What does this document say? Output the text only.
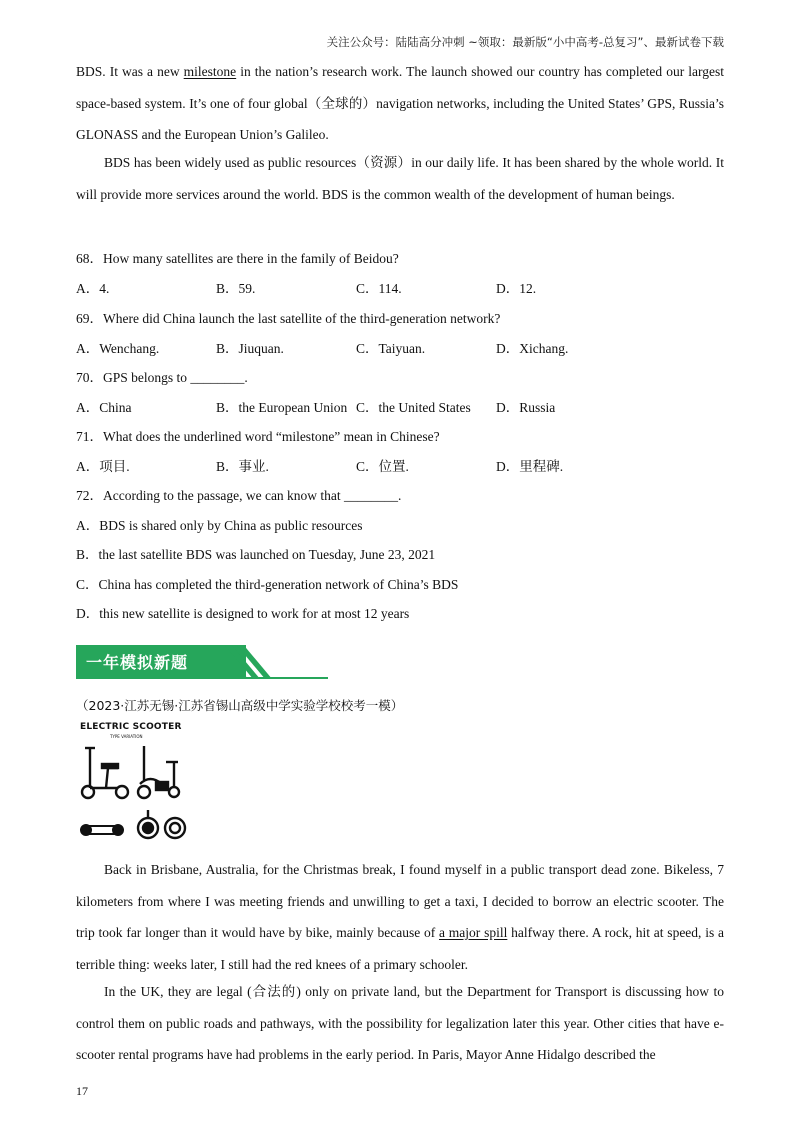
关注公众号：陆陆高分冲刺 ~领取：最新版“小中高考-总复习”、最新试卷下载
BDS. It was a new milestone in the nation’s research work. The launch showed our country has completed our largest space-based system. It’s one of four global（全球的）navigation networks, including the United States’ GPS, Russia’s GLONASS and the European Union’s Galileo.
BDS has been widely used as public resources（资源）in our daily life. It has been shared by the whole world. It will provide more services around the world. BDS is the common wealth of the development of human beings.
68．How many satellites are there in the family of Beidou?
A．4.	B．59.	C．114.	D．12.
69．Where did China launch the last satellite of the third-generation network?
A．Wenchang.	B．Jiuquan.	C．Taiyuan.	D．Xichang.
70．GPS belongs to ________.
A．China	B．the European Union C．the United States D．Russia
71．What does the underlined word “milestone” mean in Chinese?
A．项目.	B．事业.	C．位置.	D．里程碑.
72．According to the passage, we can know that ________.
A．BDS is shared only by China as public resources
B．the last satellite BDS was launched on Tuesday, June 23, 2021
C．China has completed the third-generation network of China’s BDS
D．this new satellite is designed to work for at most 12 years
一年模拟新题
（2023·江苏无锡·江苏省锡山高级中学实验学校校考一模）
ELECTRIC SCOOTER
TYPE VARIATION
Back in Brisbane, Australia, for the Christmas break, I found myself in a public transport dead zone. Bikeless, 7 kilometers from where I was meeting friends and unwilling to get a taxi, I decided to borrow an electric scooter. The trip took far longer than it would have by bike, mainly because of a major spill halfway there. A rock, hit at speed, is a terrible thing: weeks later, I still had the red knees of a primary schooler.
In the UK, they are legal (合法的) only on private land, but the Department for Transport is discussing how to control them on public roads and pathways, with the possibility for legalization later this year. Other cities that have e-scooter rental programs have had problems in the early period. In Paris, Mayor Anne Hidalgo described the
17
